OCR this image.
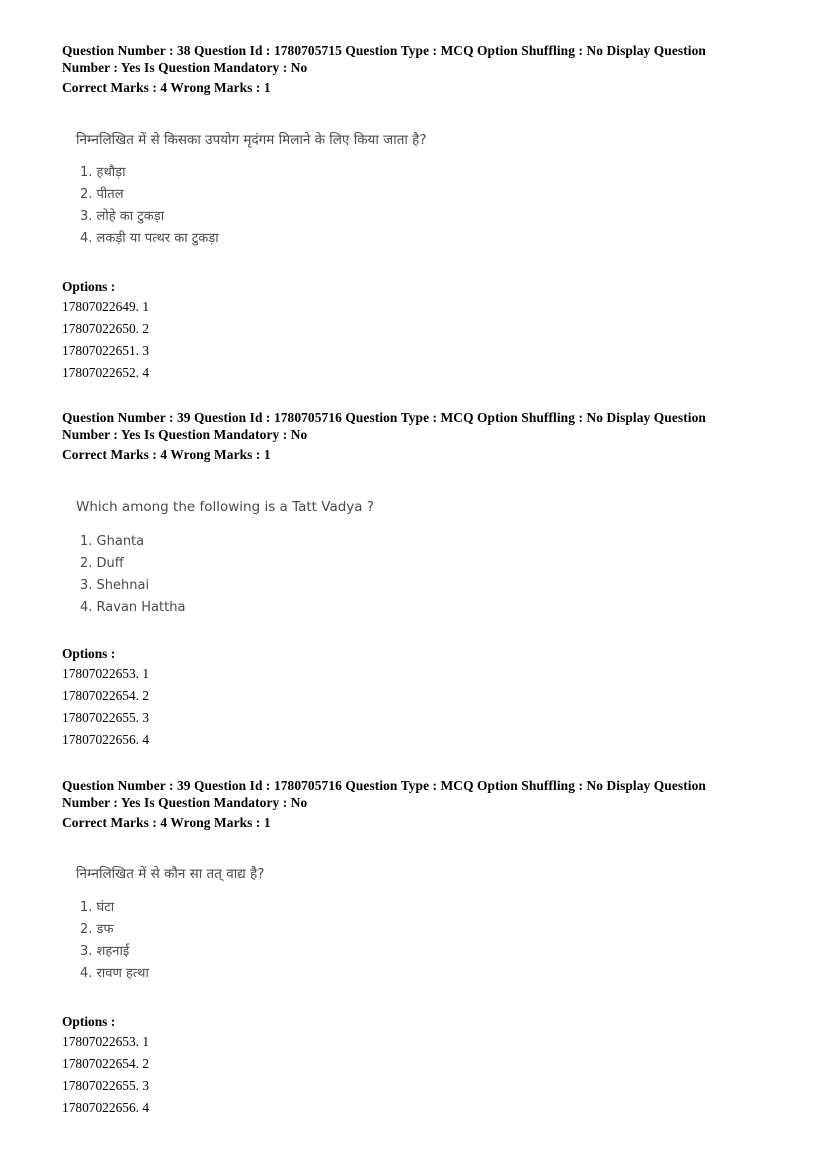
Question Number : 38 Question Id : 1780705715 Question Type : MCQ Option Shuffling : No Display Question
Number : Yes Is Question Mandatory : No
Correct Marks : 4 Wrong Marks : 1

निम्नलिखित में से किसका उपयोग मृदंगम मिलाने के लिए किया जाता है?

1. हथौड़ा
2. पीतल
3. लोहे का टुकड़ा
4. लकड़ी या पत्थर का टुकड़ा
Options :
17807022649. 1
17807022650. 2
17807022651. 3
17807022652. 4

Question Number : 39 Question Id : 1780705716 Question Type : MCQ Option Shuffling : No Display Question
Number : Yes Is Question Mandatory : No
Correct Marks : 4 Wrong Marks : 1

Which among the following is a Tatt Vadya ?

1. Ghanta
2. Duff
3. Shehnai
4. Ravan Hattha
Options :
17807022653. 1
17807022654. 2
17807022655. 3
17807022656. 4

Question Number : 39 Question Id : 1780705716 Question Type : MCQ Option Shuffling : No Display Question
Number : Yes Is Question Mandatory : No
Correct Marks : 4 Wrong Marks : 1

निम्नलिखित में से कौन सा तत् वाद्य है?

1. घंटा
2. डफ
3. शहनाई
4. रावण हत्था
Options :
17807022653. 1
17807022654. 2
17807022655. 3
17807022656. 4
